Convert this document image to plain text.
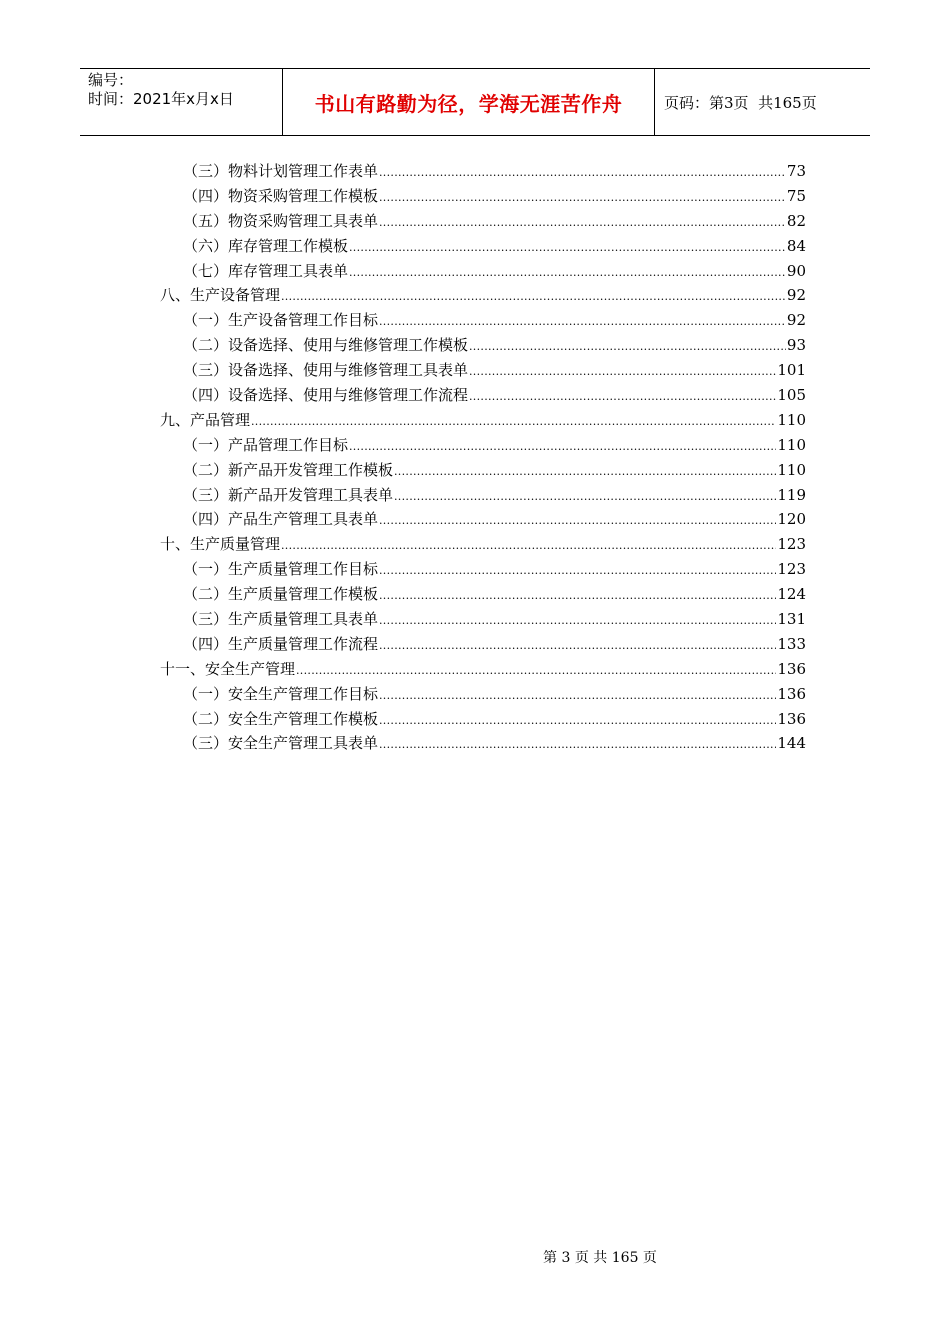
编号：
时间：2021年x月x日	书山有路勤为径，学海无涯苦作舟	页码：第3页  共165页
（三）物料计划管理工作表单 .....	73
（四）物资采购管理工作模板 .....	75
（五）物资采购管理工具表单 .....	82
（六）库存管理工作模板 .....	84
（七）库存管理工具表单 .....	90
八、生产设备管理 .....	92
（一）生产设备管理工作目标 .....	92
（二）设备选择、使用与维修管理工作模板 .....	93
（三）设备选择、使用与维修管理工具表单 .....	101
（四）设备选择、使用与维修管理工作流程 .....	105
九、产品管理 .....	110
（一）产品管理工作目标 .....	110
（二）新产品开发管理工作模板 .....	110
（三）新产品开发管理工具表单 .....	119
（四）产品生产管理工具表单 .....	120
十、生产质量管理 .....	123
（一）生产质量管理工作目标 .....	123
（二）生产质量管理工作模板 .....	124
（三）生产质量管理工具表单 .....	131
（四）生产质量管理工作流程 .....	133
十一、安全生产管理 .....	136
（一）安全生产管理工作目标 .....	136
（二）安全生产管理工作模板 .....	136
（三）安全生产管理工具表单 .....	144
第 3 页 共 165 页
